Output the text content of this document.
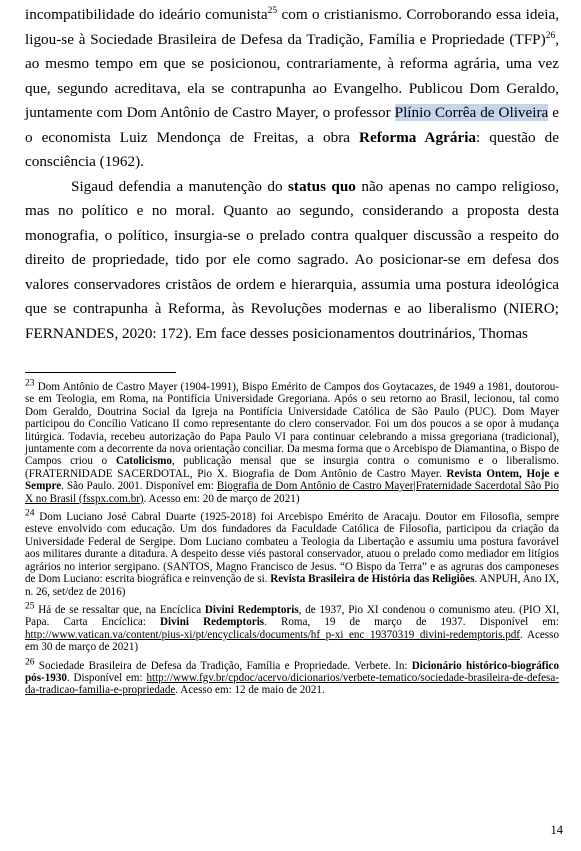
incompatibilidade do ideário comunista$^{25}$ com o cristianismo. Corroborando essa ideia, ligou-se à Sociedade Brasileira de Defesa da Tradição, Família e Propriedade (TFP)$^{26}$, ao mesmo tempo em que se posicionou, contrariamente, à reforma agrária, uma vez que, segundo acreditava, ela se contrapunha ao Evangelho. Publicou Dom Geraldo, juntamente com Dom Antônio de Castro Mayer, o professor Plínio Corrêa de Oliveira e o economista Luiz Mendonça de Freitas, a obra Reforma Agrária: questão de consciência (1962).

Sigaud defendia a manutenção do status quo não apenas no campo religioso, mas no político e no moral. Quanto ao segundo, considerando a proposta desta monografia, o político, insurgia-se o prelado contra qualquer discussão a respeito do direito de propriedade, tido por ele como sagrado. Ao posicionar-se em defesa dos valores conservadores cristãos de ordem e hierarquia, assumia uma postura ideológica que se contrapunha à Reforma, às Revoluções modernas e ao liberalismo (NIERO; FERNANDES, 2020: 172). Em face desses posicionamentos doutrinários, Thomas

$^{23}$ Dom Antônio de Castro Mayer (1904-1991), Bispo Emérito de Campos dos Goytacazes, de 1949 a 1981, doutorou-se em Teologia, em Roma, na Pontifícia Universidade Gregoriana. Após o seu retorno ao Brasil, lecionou, tal como Dom Geraldo, Doutrina Social da Igreja na Pontifícia Universidade Católica de São Paulo (PUC). Dom Mayer participou do Concílio Vaticano II como representante do clero conservador. Foi um dos poucos a se opor à mudança litúrgica. Todavia, recebeu autorização do Papa Paulo VI para continuar celebrando a missa gregoriana (tradicional), juntamente com a decorrente da nova orientação conciliar. Da mesma forma que o Arcebispo de Diamantina, o Bispo de Campos criou o Catolicismo, publicação mensal que se insurgia contra o comunismo e o liberalismo. (FRATERNIDADE SACERDOTAL, Pio X. Biografia de Dom Antônio de Castro Mayer. Revista Ontem, Hoje e Sempre. São Paulo. 2001. Disponível em: Biografia de Dom Antônio de Castro Mayer|Fraternidade Sacerdotal São Pio X no Brasil (fsspx.com.br). Acesso em: 20 de março de 2021)

$^{24}$ Dom Luciano José Cabral Duarte (1925-2018) foi Arcebispo Emérito de Aracaju. Doutor em Filosofia, sempre esteve envolvido com educação. Um dos fundadores da Faculdade Católica de Filosofia, participou da criação da Universidade Federal de Sergipe. Dom Luciano combateu a Teologia da Libertação e assumiu uma postura favorável aos militares durante a ditadura. A despeito desse viés pastoral conservador, atuou o prelado como mediador em litígios agrários no interior sergipano. (SANTOS, Magno Francisco de Jesus. “O Bispo da Terra” e as agruras dos camponeses de Dom Luciano: escrita biográfica e reinvenção de si. Revista Brasileira de História das Religiões. ANPUH, Ano IX, n. 26, set/dez de 2016)

$^{25}$ Há de se ressaltar que, na Encíclica Divini Redemptoris, de 1937, Pio XI condenou o comunismo ateu. (PIO XI, Papa. Carta Encíclica: Divini Redemptoris. Roma, 19 de março de 1937. Disponível em: http://www.vatican.va/content/pius-xi/pt/encyclicals/documents/hf_p-xi_enc_19370319_divini-redemptoris.pdf. Acesso em 30 de março de 2021)

$^{26}$ Sociedade Brasileira de Defesa da Tradição, Família e Propriedade. Verbete. In: Dicionário histórico-biográfico pós-1930. Disponível em: http://www.fgv.br/cpdoc/acervo/dicionarios/verbete-tematico/sociedade-brasileira-de-defesa-da-tradicao-familia-e-propriedade. Acesso em: 12 de maio de 2021.

14
